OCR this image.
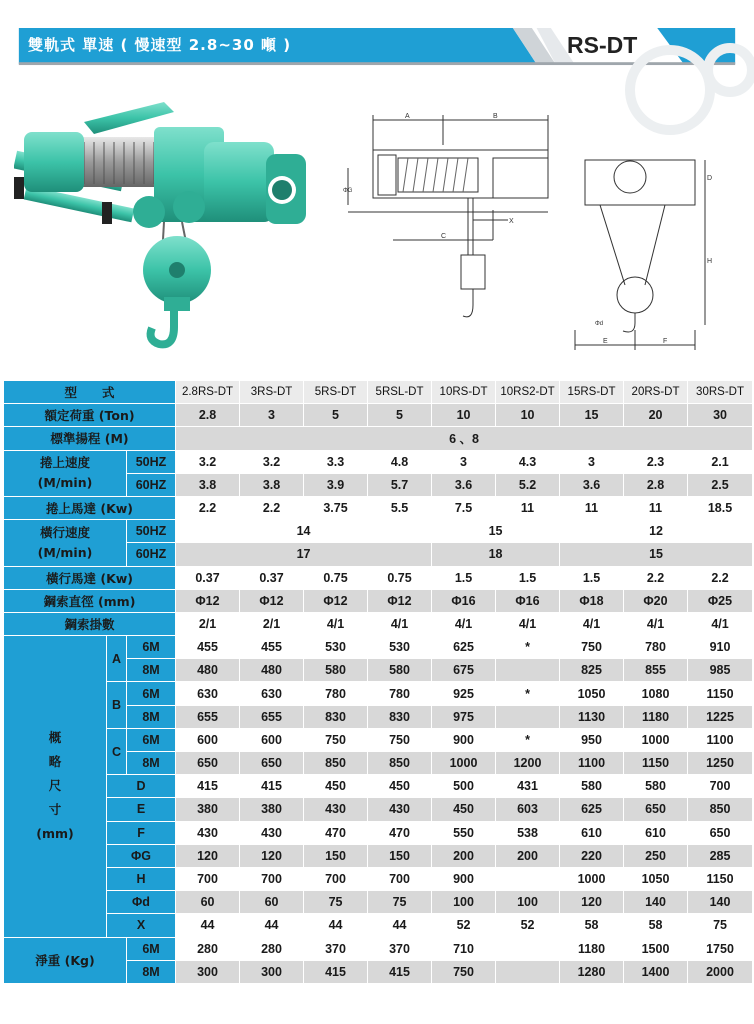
雙軌式 單速 ( 慢速型 2.8~30 噸 )	RS-DT
A	B
C
X
ΦG
D
H
Φd
E	F
型　　式			2.8RS-DT	3RS-DT	5RS-DT	5RSL-DT	10RS-DT	10RS2-DT	15RS-DT	20RS-DT	30RS-DT
額定荷重 (Ton)			2.8	3	5	5	10	10	15	20	30
標準揚程 (M)			6 、8								
捲上速度
(M/min)		50HZ	3.2	3.2	3.3	4.8	3	4.3	3	2.3	2.1
		60HZ	3.8	3.8	3.9	5.7	3.6	5.2	3.6	2.8	2.5
捲上馬達 (Kw)			2.2	2.2	3.75	5.5	7.5	11	11	11	18.5
橫行速度
(M/min)		50HZ	14				15		12		
		60HZ	17				18		15		
橫行馬達 (Kw)			0.37	0.37	0.75	0.75	1.5	1.5	1.5	2.2	2.2
鋼索直徑 (mm)			Φ12	Φ12	Φ12	Φ12	Φ16	Φ16	Φ18	Φ20	Φ25
鋼索掛數			2/1	2/1	4/1	4/1	4/1	4/1	4/1	4/1	4/1

概
略
尺
寸
(mm)	A	6M	455	455	530	530	625	*	750	780	910
		8M	480	480	580	580	675		825	855	985
	B	6M	630	630	780	780	925	*	1050	1080	1150
		8M	655	655	830	830	975		1130	1180	1225
	C	6M	600	600	750	750	900	*	950	1000	1100
		8M	650	650	850	850	1000	1200	1100	1150	1250
	D		415	415	450	450	500	431	580	580	700
	E		380	380	430	430	450	603	625	650	850
	F		430	430	470	470	550	538	610	610	650
	ΦG		120	120	150	150	200	200	220	250	285
	H		700	700	700	700	900		1000	1050	1150
	Φd		60	60	75	75	100	100	120	140	140
	X		44	44	44	44	52	52	58	58	75
淨重 (Kg)		6M	280	280	370	370	710		1180	1500	1750
		8M	300	300	415	415	750		1280	1400	2000
